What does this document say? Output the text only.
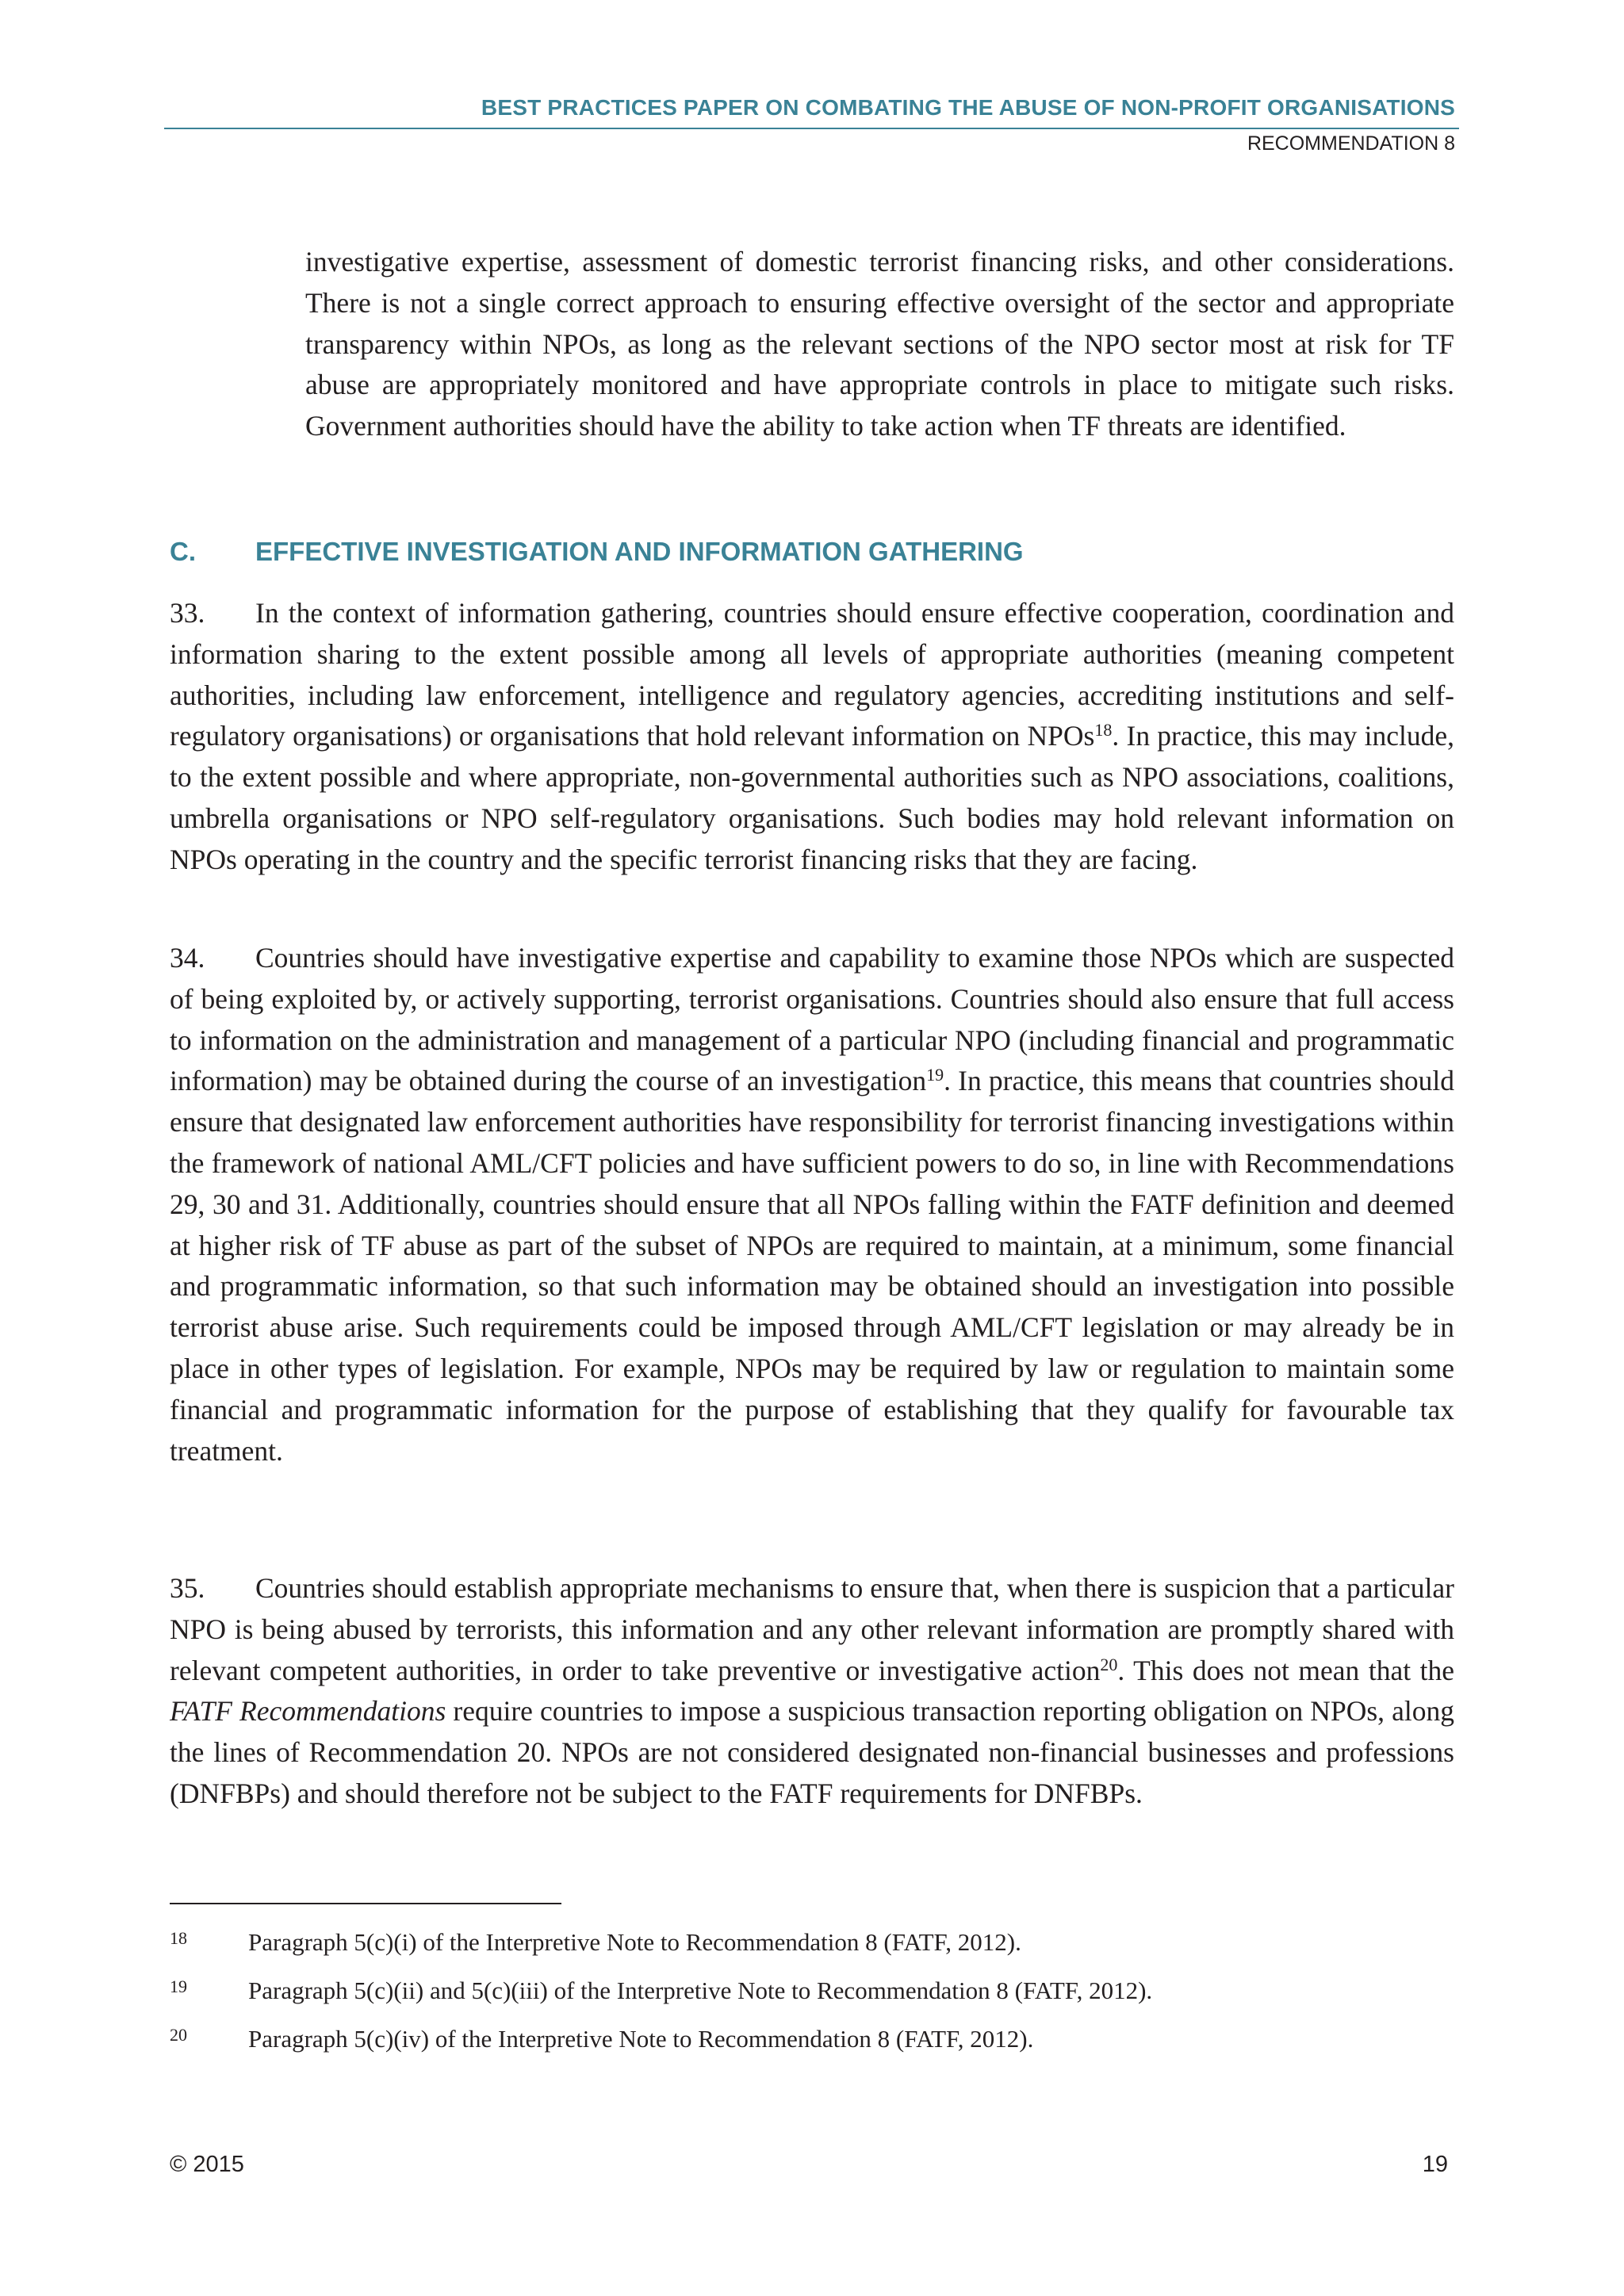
BEST PRACTICES PAPER ON COMBATING THE ABUSE OF NON-PROFIT ORGANISATIONS
RECOMMENDATION 8

investigative expertise, assessment of domestic terrorist financing risks, and other considerations. There is not a single correct approach to ensuring effective oversight of the sector and appropriate transparency within NPOs, as long as the relevant sections of the NPO sector most at risk for TF abuse are appropriately monitored and have appropriate controls in place to mitigate such risks. Government authorities should have the ability to take action when TF threats are identified.

C. EFFECTIVE INVESTIGATION AND INFORMATION GATHERING

33. In the context of information gathering, countries should ensure effective cooperation, coordination and information sharing to the extent possible among all levels of appropriate authorities (meaning competent authorities, including law enforcement, intelligence and regulatory agencies, accrediting institutions and self-regulatory organisations) or organisations that hold relevant information on NPOs$^{18}$. In practice, this may include, to the extent possible and where appropriate, non-governmental authorities such as NPO associations, coalitions, umbrella organisations or NPO self-regulatory organisations. Such bodies may hold relevant information on NPOs operating in the country and the specific terrorist financing risks that they are facing.

34. Countries should have investigative expertise and capability to examine those NPOs which are suspected of being exploited by, or actively supporting, terrorist organisations. Countries should also ensure that full access to information on the administration and management of a particular NPO (including financial and programmatic information) may be obtained during the course of an investigation$^{19}$. In practice, this means that countries should ensure that designated law enforcement authorities have responsibility for terrorist financing investigations within the framework of national AML/CFT policies and have sufficient powers to do so, in line with Recommendations 29, 30 and 31. Additionally, countries should ensure that all NPOs falling within the FATF definition and deemed at higher risk of TF abuse as part of the subset of NPOs are required to maintain, at a minimum, some financial and programmatic information, so that such information may be obtained should an investigation into possible terrorist abuse arise. Such requirements could be imposed through AML/CFT legislation or may already be in place in other types of legislation. For example, NPOs may be required by law or regulation to maintain some financial and programmatic information for the purpose of establishing that they qualify for favourable tax treatment.

35. Countries should establish appropriate mechanisms to ensure that, when there is suspicion that a particular NPO is being abused by terrorists, this information and any other relevant information are promptly shared with relevant competent authorities, in order to take preventive or investigative action$^{20}$. This does not mean that the FATF Recommendations require countries to impose a suspicious transaction reporting obligation on NPOs, along the lines of Recommendation 20. NPOs are not considered designated non-financial businesses and professions (DNFBPs) and should therefore not be subject to the FATF requirements for DNFBPs.

18 Paragraph 5(c)(i) of the Interpretive Note to Recommendation 8 (FATF, 2012).
19 Paragraph 5(c)(ii) and 5(c)(iii) of the Interpretive Note to Recommendation 8 (FATF, 2012).
20 Paragraph 5(c)(iv) of the Interpretive Note to Recommendation 8 (FATF, 2012).
© 2015	19
